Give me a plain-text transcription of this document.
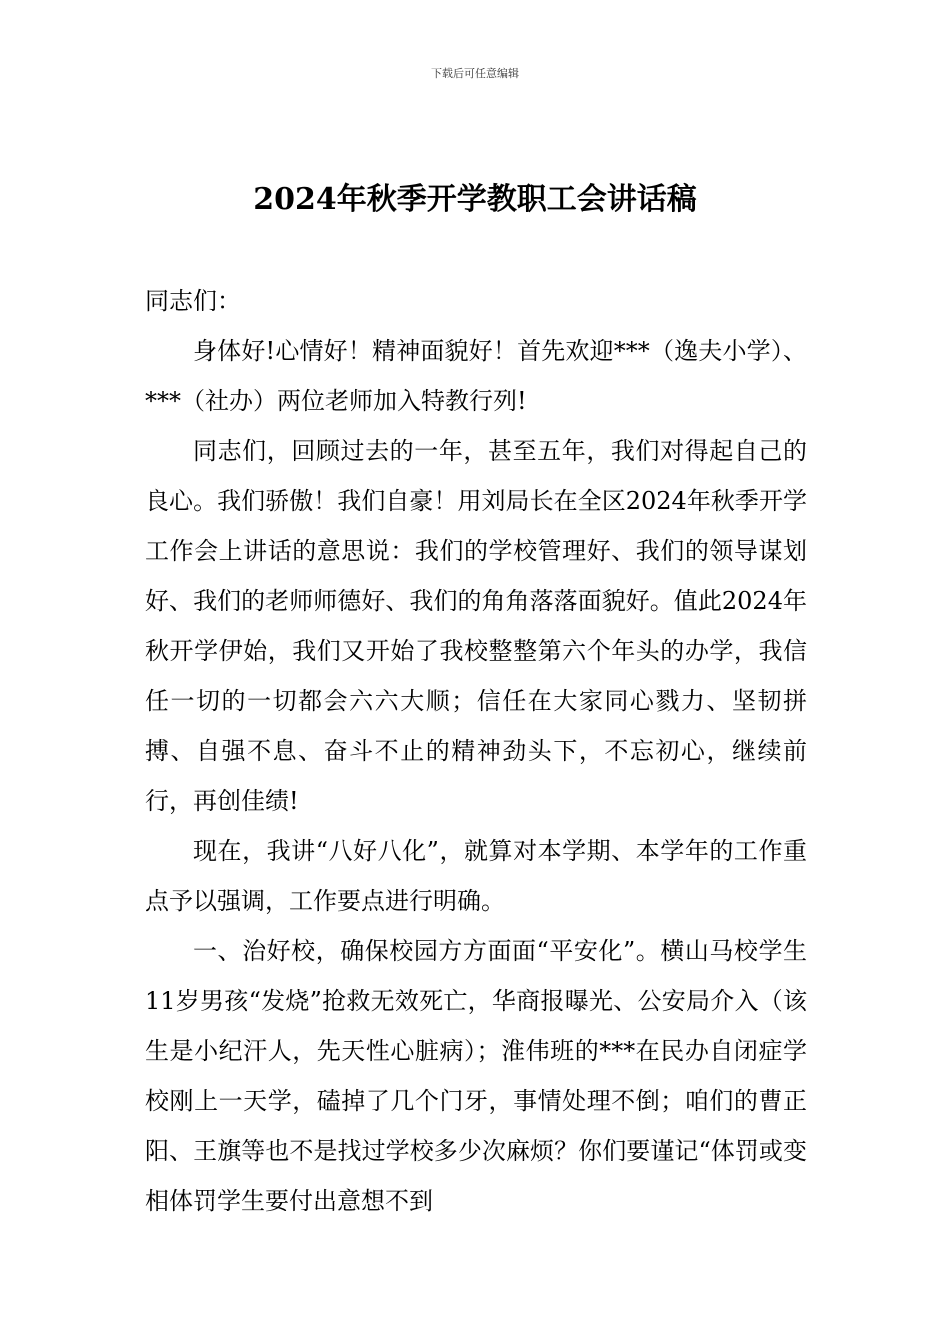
下载后可任意编辑
2024年秋季开学教职工会讲话稿

同志们：

身体好!心情好！精神面貌好！首先欢迎***（逸夫小学）、***（社办）两位老师加入特教行列!

同志们，回顾过去的一年，甚至五年，我们对得起自己的良心。我们骄傲！我们自豪！用刘局长在全区2024年秋季开学工作会上讲话的意思说：我们的学校管理好、我们的领导谋划好、我们的老师师德好、我们的角角落落面貌好。值此2024年秋开学伊始，我们又开始了我校整整第六个年头的办学，我信任一切的一切都会六六大顺；信任在大家同心戮力、坚韧拼搏、自强不息、奋斗不止的精神劲头下，不忘初心，继续前行，再创佳绩!

现在，我讲“八好八化”，就算对本学期、本学年的工作重点予以强调，工作要点进行明确。

一、治好校，确保校园方方面面“平安化”。横山马校学生11岁男孩“发烧”抢救无效死亡，华商报曝光、公安局介入（该生是小纪汗人，先天性心脏病）；淮伟班的***在民办自闭症学校刚上一天学，磕掉了几个门牙，事情处理不倒；咱们的曹正阳、王旗等也不是找过学校多少次麻烦？你们要谨记“体罚或变相体罚学生要付出意想不到
